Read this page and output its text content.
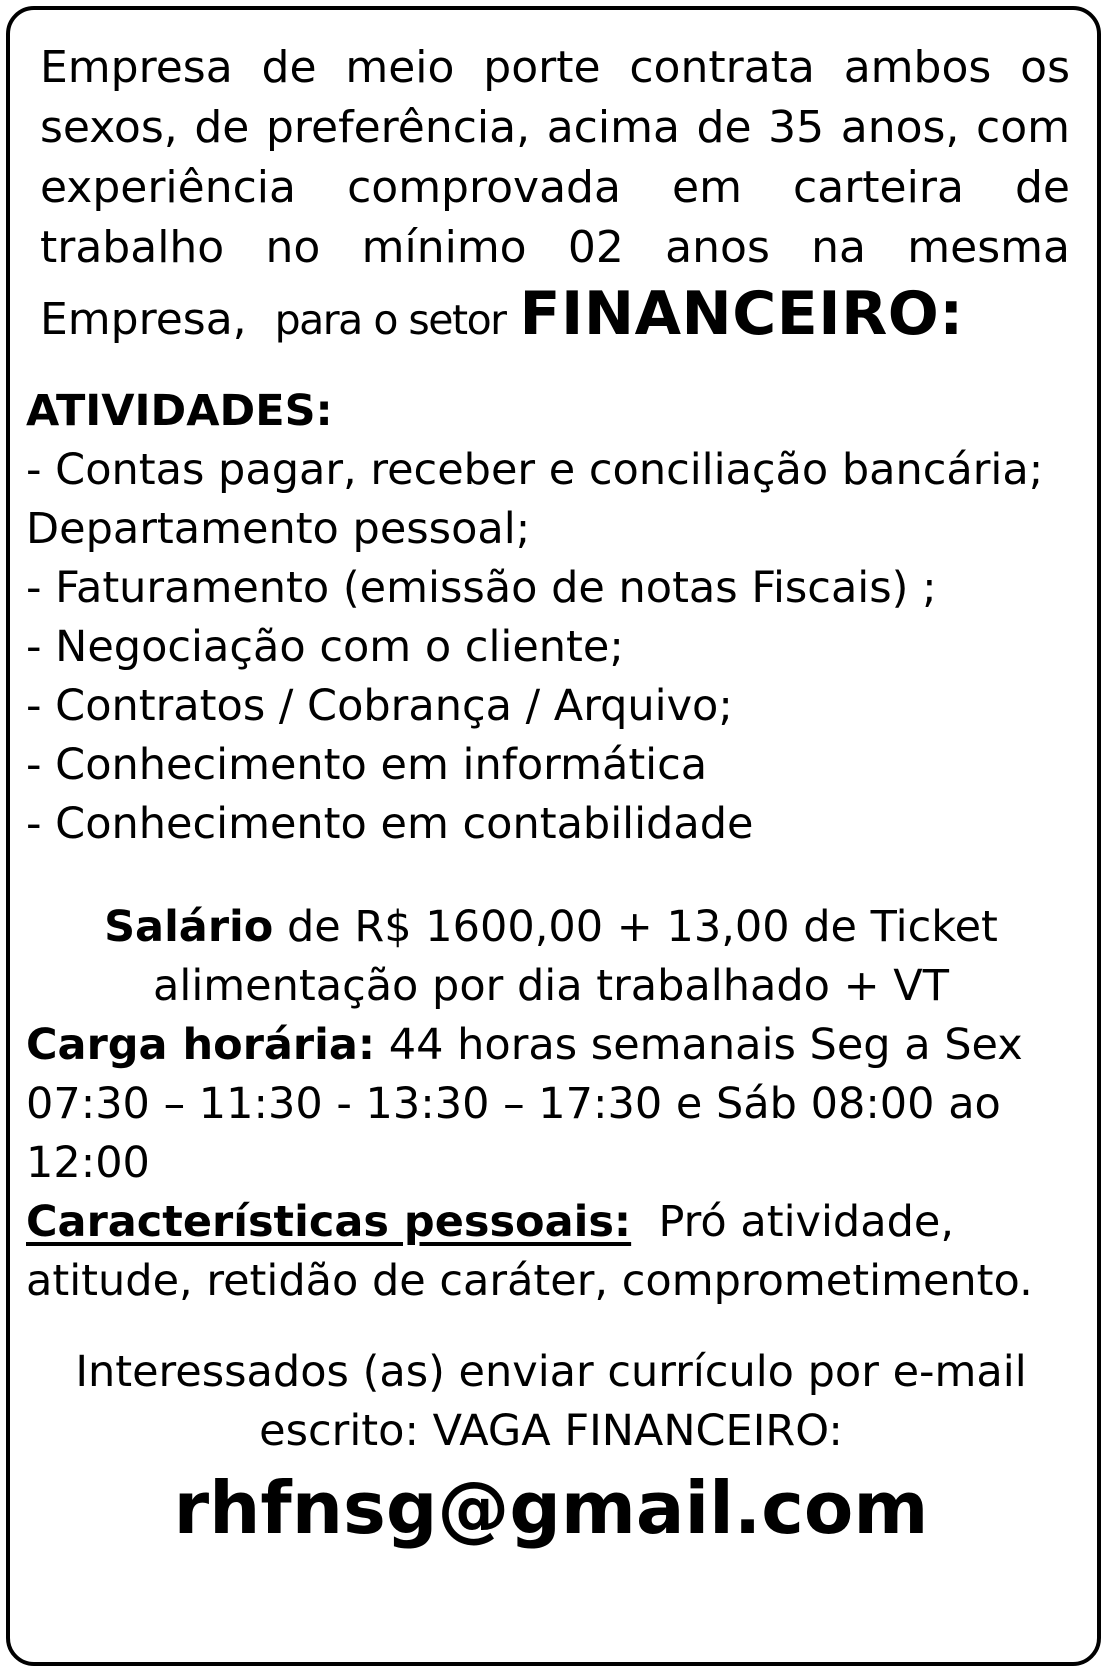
Empresa de meio porte contrata ambos os
sexos, de preferência, acima de 35 anos, com
experiência comprovada em carteira de
trabalho no mínimo 02 anos na mesma
Empresa, para o setor FINANCEIRO:
ATIVIDADES:
- Contas pagar, receber e conciliação bancária;
Departamento pessoal;
- Faturamento (emissão de notas Fiscais) ;
- Negociação com o cliente;
- Contratos / Cobrança / Arquivo;
- Conhecimento em informática
- Conhecimento em contabilidade
Salário de R$ 1600,00 + 13,00 de Ticket
alimentação por dia trabalhado + VT
Carga horária: 44 horas semanais Seg a Sex
07:30 – 11:30 - 13:30 – 17:30 e Sáb 08:00 ao
12:00
Características pessoais: Pró atividade,
atitude, retidão de caráter, comprometimento.
Interessados (as) enviar currículo por e-mail
escrito: VAGA FINANCEIRO:
rhfnsg@gmail.com
